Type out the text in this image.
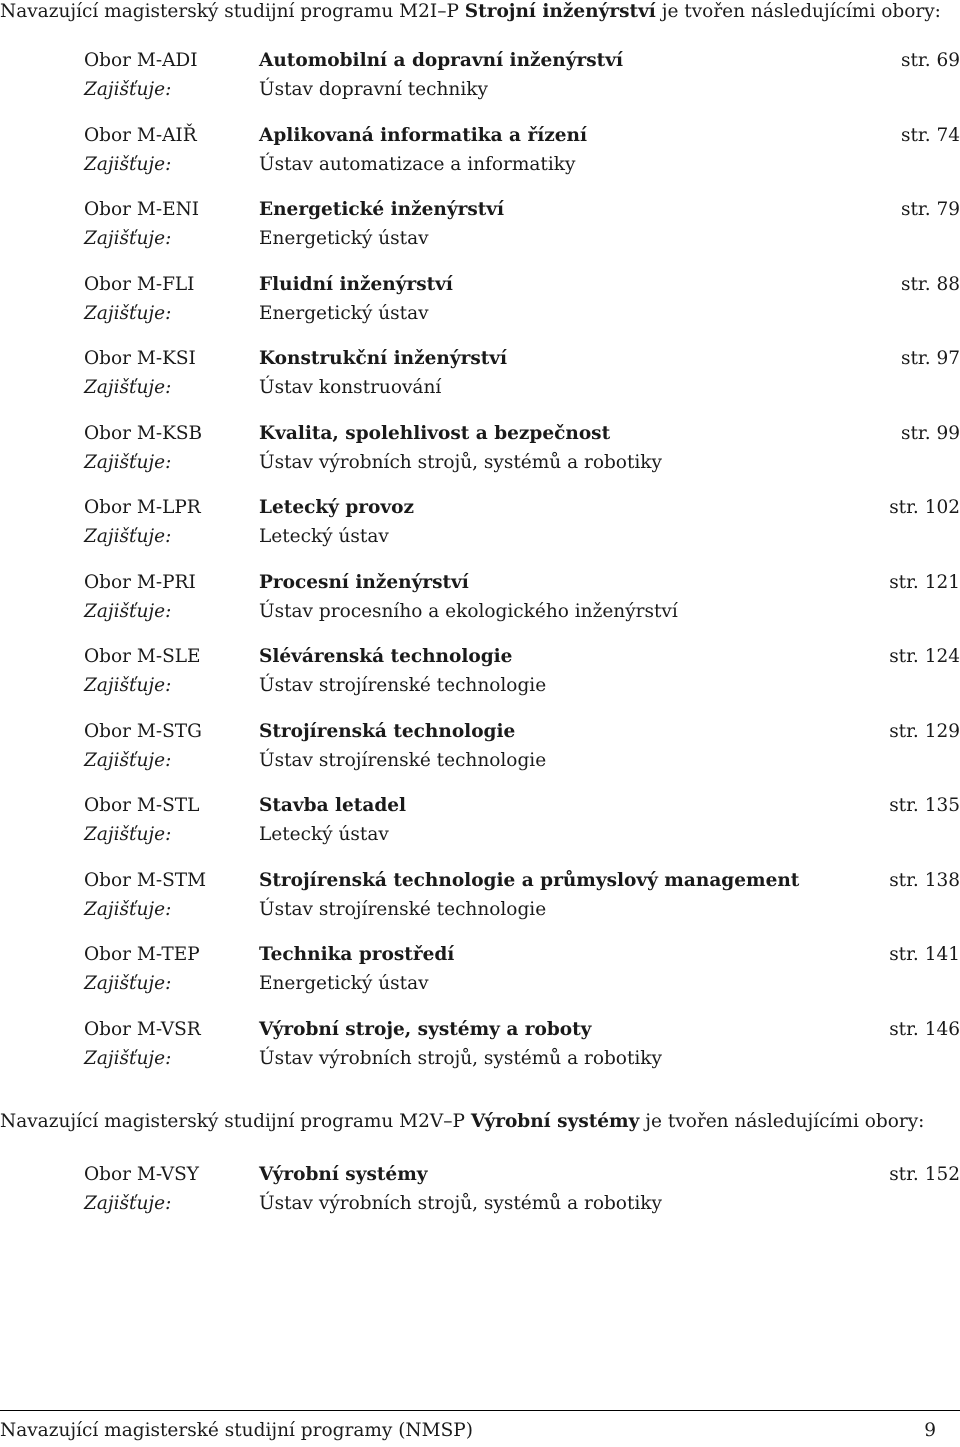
Navazující magisterský studijní programu M2I–P Strojní inženýrství je tvořen následujícími obory:
Obor M-ADI	Automobilní a dopravní inženýrství	str. 69
Zajišťuje:	Ústav dopravní techniky
Obor M-AIŘ	Aplikovaná informatika a řízení	str. 74
Zajišťuje:	Ústav automatizace a informatiky
Obor M-ENI	Energetické inženýrství	str. 79
Zajišťuje:	Energetický ústav
Obor M-FLI	Fluidní inženýrství	str. 88
Zajišťuje:	Energetický ústav
Obor M-KSI	Konstrukční inženýrství	str. 97
Zajišťuje:	Ústav konstruování
Obor M-KSB	Kvalita, spolehlivost a bezpečnost	str. 99
Zajišťuje:	Ústav výrobních strojů, systémů a robotiky
Obor M-LPR	Letecký provoz	str. 102
Zajišťuje:	Letecký ústav
Obor M-PRI	Procesní inženýrství	str. 121
Zajišťuje:	Ústav procesního a ekologického inženýrství
Obor M-SLE	Slévárenská technologie	str. 124
Zajišťuje:	Ústav strojírenské technologie
Obor M-STG	Strojírenská technologie	str. 129
Zajišťuje:	Ústav strojírenské technologie
Obor M-STL	Stavba letadel	str. 135
Zajišťuje:	Letecký ústav
Obor M-STM	Strojírenská technologie a průmyslový management	str. 138
Zajišťuje:	Ústav strojírenské technologie
Obor M-TEP	Technika prostředí	str. 141
Zajišťuje:	Energetický ústav
Obor M-VSR	Výrobní stroje, systémy a roboty	str. 146
Zajišťuje:	Ústav výrobních strojů, systémů a robotiky
Navazující magisterský studijní programu M2V–P Výrobní systémy je tvořen následujícími obory:
Obor M-VSY	Výrobní systémy	str. 152
Zajišťuje:	Ústav výrobních strojů, systémů a robotiky
Navazující magisterské studijní programy (NMSP)	9
